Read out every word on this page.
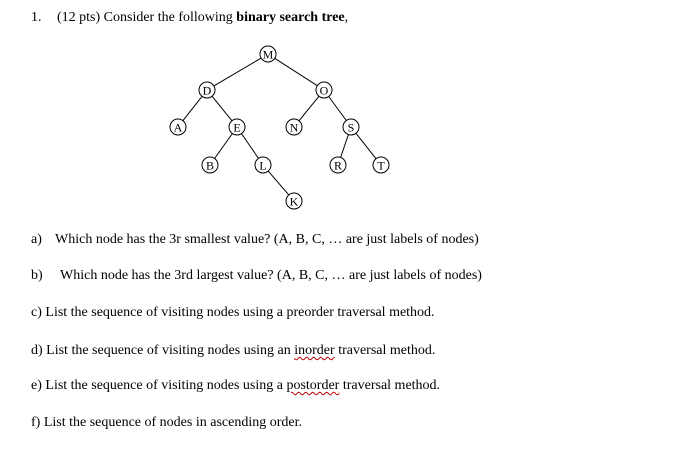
1. (12 pts) Consider the following binary search tree,
M
D	O
A	E	N	S
B	L	R	T
K
a) Which node has the 3r smallest value? (A, B, C, … are just labels of nodes)
b) Which node has the 3rd largest value? (A, B, C, … are just labels of nodes)
c) List the sequence of visiting nodes using a preorder traversal method.
d) List the sequence of visiting nodes using an inorder traversal method.
e) List the sequence of visiting nodes using a postorder traversal method.
f) List the sequence of nodes in ascending order.
